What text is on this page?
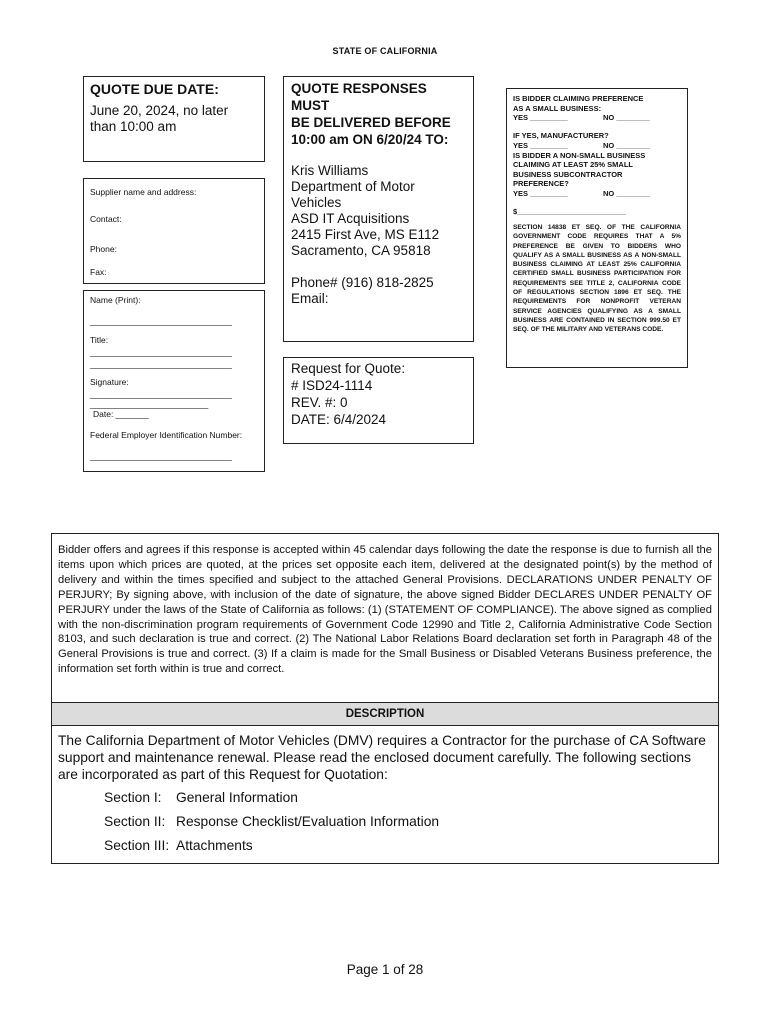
STATE OF CALIFORNIA
QUOTE DUE DATE:
June 20, 2024, no later
than 10:00 am
Supplier name and address:
Contact:
Phone:
Fax:
Name (Print):
______________________________
Title:
______________________________
______________________________
Signature:
______________________________
_________________________
Date: _______
Federal Employer Identification Number:
______________________________
QUOTE RESPONSES MUST
BE DELIVERED BEFORE
10:00 am ON 6/20/24 TO:
Kris Williams
Department of Motor Vehicles
ASD IT Acquisitions
2415 First Ave, MS E112
Sacramento, CA 95818
Phone# (916) 818-2825
Email:
IS BIDDER CLAIMING PREFERENCE
AS A SMALL BUSINESS:
YES _________	NO ________
IF YES, MANUFACTURER?
YES _________	NO ________
IS BIDDER A NON-SMALL BUSINESS
CLAIMING AT LEAST 25% SMALL
BUSINESS SUBCONTRACTOR
PREFERENCE?
YES _________	NO ________
$__________________________
SECTION 14838 ET SEQ. OF THE CALIFORNIA GOVERNMENT CODE REQUIRES THAT A 5% PREFERENCE BE GIVEN TO BIDDERS WHO QUALIFY AS A SMALL BUSINESS AS A NON-SMALL BUSINESS CLAIMING AT LEAST 25% CALIFORNIA CERTIFIED SMALL BUSINESS PARTICIPATION FOR REQUIREMENTS SEE TITLE 2, CALIFORNIA CODE OF REGULATIONS SECTION 1896 ET SEQ. THE REQUIREMENTS FOR NONPROFIT VETERAN SERVICE AGENCIES QUALIFYING AS A SMALL BUSINESS ARE CONTAINED IN SECTION 999.50 ET SEQ. OF THE MILITARY AND VETERANS CODE.
Request for Quote:
# ISD24-1114
REV. #: 0
DATE: 6/4/2024
Bidder offers and agrees if this response is accepted within 45 calendar days following the date the response is due to furnish all the items upon which prices are quoted, at the prices set opposite each item, delivered at the designated point(s) by the method of delivery and within the times specified and subject to the attached General Provisions. DECLARATIONS UNDER PENALTY OF PERJURY; By signing above, with inclusion of the date of signature, the above signed Bidder DECLARES UNDER PENALTY OF PERJURY under the laws of the State of California as follows: (1) (STATEMENT OF COMPLIANCE). The above signed as complied with the non-discrimination program requirements of Government Code 12990 and Title 2, California Administrative Code Section 8103, and such declaration is true and correct. (2) The National Labor Relations Board declaration set forth in Paragraph 48 of the General Provisions is true and correct. (3) If a claim is made for the Small Business or Disabled Veterans Business preference, the information set forth within is true and correct.
DESCRIPTION
The California Department of Motor Vehicles (DMV) requires a Contractor for the purchase of CA Software support and maintenance renewal. Please read the enclosed document carefully. The following sections are incorporated as part of this Request for Quotation:
Section I: General Information
Section II: Response Checklist/Evaluation Information
Section III: Attachments
Page 1 of 28
